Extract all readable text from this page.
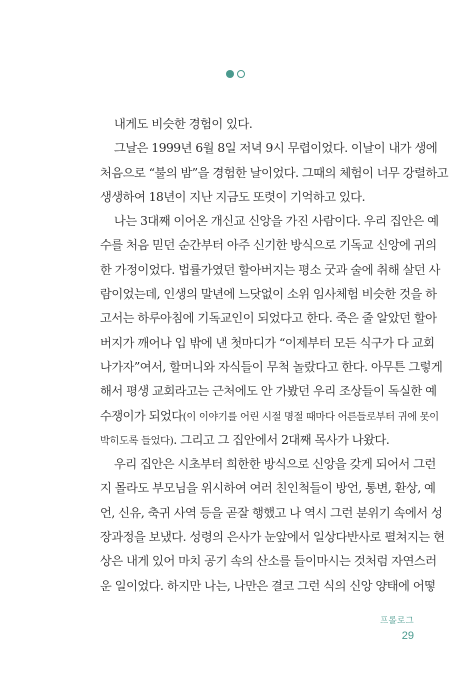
내게도 비슷한 경험이 있다.
그날은 1999년 6월 8일 저녁 9시 무렵이었다. 이날이 내가 생에
처음으로 “불의 밤”을 경험한 날이었다. 그때의 체험이 너무 강렬하고
생생하여 18년이 지난 지금도 또렷이 기억하고 있다.
나는 3대째 이어온 개신교 신앙을 가진 사람이다. 우리 집안은 예
수를 처음 믿던 순간부터 아주 신기한 방식으로 기독교 신앙에 귀의
한 가정이었다. 법률가였던 할아버지는 평소 굿과 술에 취해 살던 사
람이었는데, 인생의 말년에 느닷없이 소위 임사체험 비슷한 것을 하
고서는 하루아침에 기독교인이 되었다고 한다. 죽은 줄 알았던 할아
버지가 깨어나 입 밖에 낸 첫마디가 “이제부터 모든 식구가 다 교회
나가자”여서, 할머니와 자식들이 무척 놀랐다고 한다. 아무튼 그렇게
해서 평생 교회라고는 근처에도 안 가봤던 우리 조상들이 독실한 예
수쟁이가 되었다(이 이야기를 어린 시절 명절 때마다 어른들로부터 귀에 못이
박히도록 들었다). 그리고 그 집안에서 2대째 목사가 나왔다.
우리 집안은 시초부터 희한한 방식으로 신앙을 갖게 되어서 그런
지 몰라도 부모님을 위시하여 여러 친인척들이 방언, 통변, 환상, 예
언, 신유, 축귀 사역 등을 곧잘 행했고 나 역시 그런 분위기 속에서 성
장과정을 보냈다. 성령의 은사가 눈앞에서 일상다반사로 펼쳐지는 현
상은 내게 있어 마치 공기 속의 산소를 들이마시는 것처럼 자연스러
운 일이었다. 하지만 나는, 나만은 결코 그런 식의 신앙 양태에 어떻
프롤로그
29
